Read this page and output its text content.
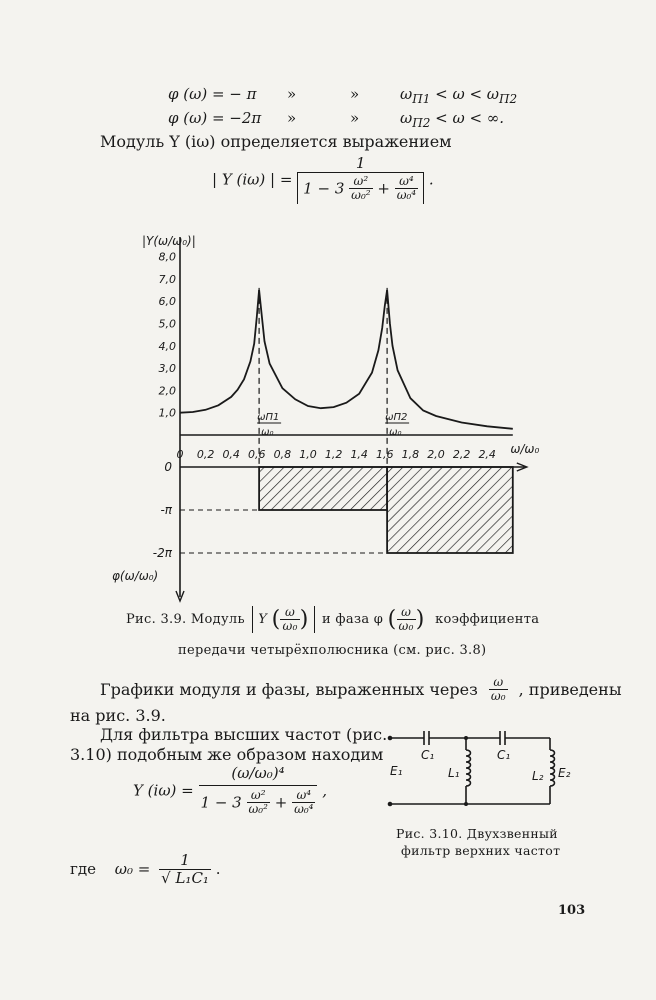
φ (ω) = − π »	»	$\omega_{П1} < \omega < \omega_{П2}$
φ (ω) = −2π »	»	$\omega_{П2} < \omega$ < ∞.
Модуль Y (iω) определяется выражением
| Y (iω) | = $\frac{1}{1 - 3 \frac{\text{ω²}}{\text{ω₀²}} + \frac{\text{ω⁴}}{\text{ω₀⁴}}}$ .
1,0
2,0
3,0
4,0
5,0
6,0
7,0
8,0
0 0,2 0,4 0,6 0,8 1,0 1,2 1,4 1,6 1,8 2,0 2,2 2,4
|Y(ω/ω₀)|
φ(ω/ω₀)
ω/ω₀
ωП1
ω₀
ωП2
ω₀
0
-π
-2π
Рис. 3.9. Модуль Y ( $\frac{\omega}{\text{ω₀}}$ ) и фаза φ ( $\frac{\omega}{\text{ω₀}}$ ) коэффициента
передачи четырёхполюсника (см. рис. 3.8)
Графики модуля и фазы, выраженных через $\frac{\omega}{\text{ω₀}}$ , приведены
на рис. 3.9.
Для фильтра высших частот (рис.
3.10) подобным же образом находим
Y $(i\omega) = \frac{\text{(ω/ω₀)⁴}}{1 - 3 \frac{\text{ω²}}{\text{ω₀²}} + \frac{\text{ω⁴}}{\text{ω₀⁴}}}$ ,
где $\omega_0 = \frac{1}{\text{√ L₁C₁}}$ .
C₁	C₁
L₁	L₂
E₁	E₂
Рис. 3.10. Двухзвенный
фильтр верхних частот
103
